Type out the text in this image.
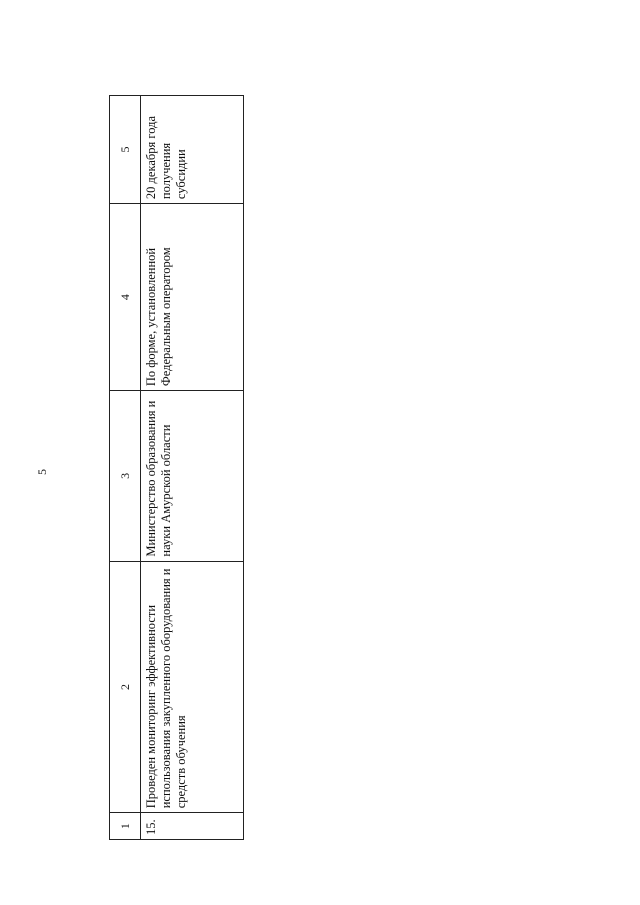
5
1	2	3	4	5
15.	Проведен мониторинг эффективности использования закупленного оборудования и средств обучения	Министерство образования и науки Амурской области	По форме, установленной Федеральным оператором	20 декабря года получения субсидии
